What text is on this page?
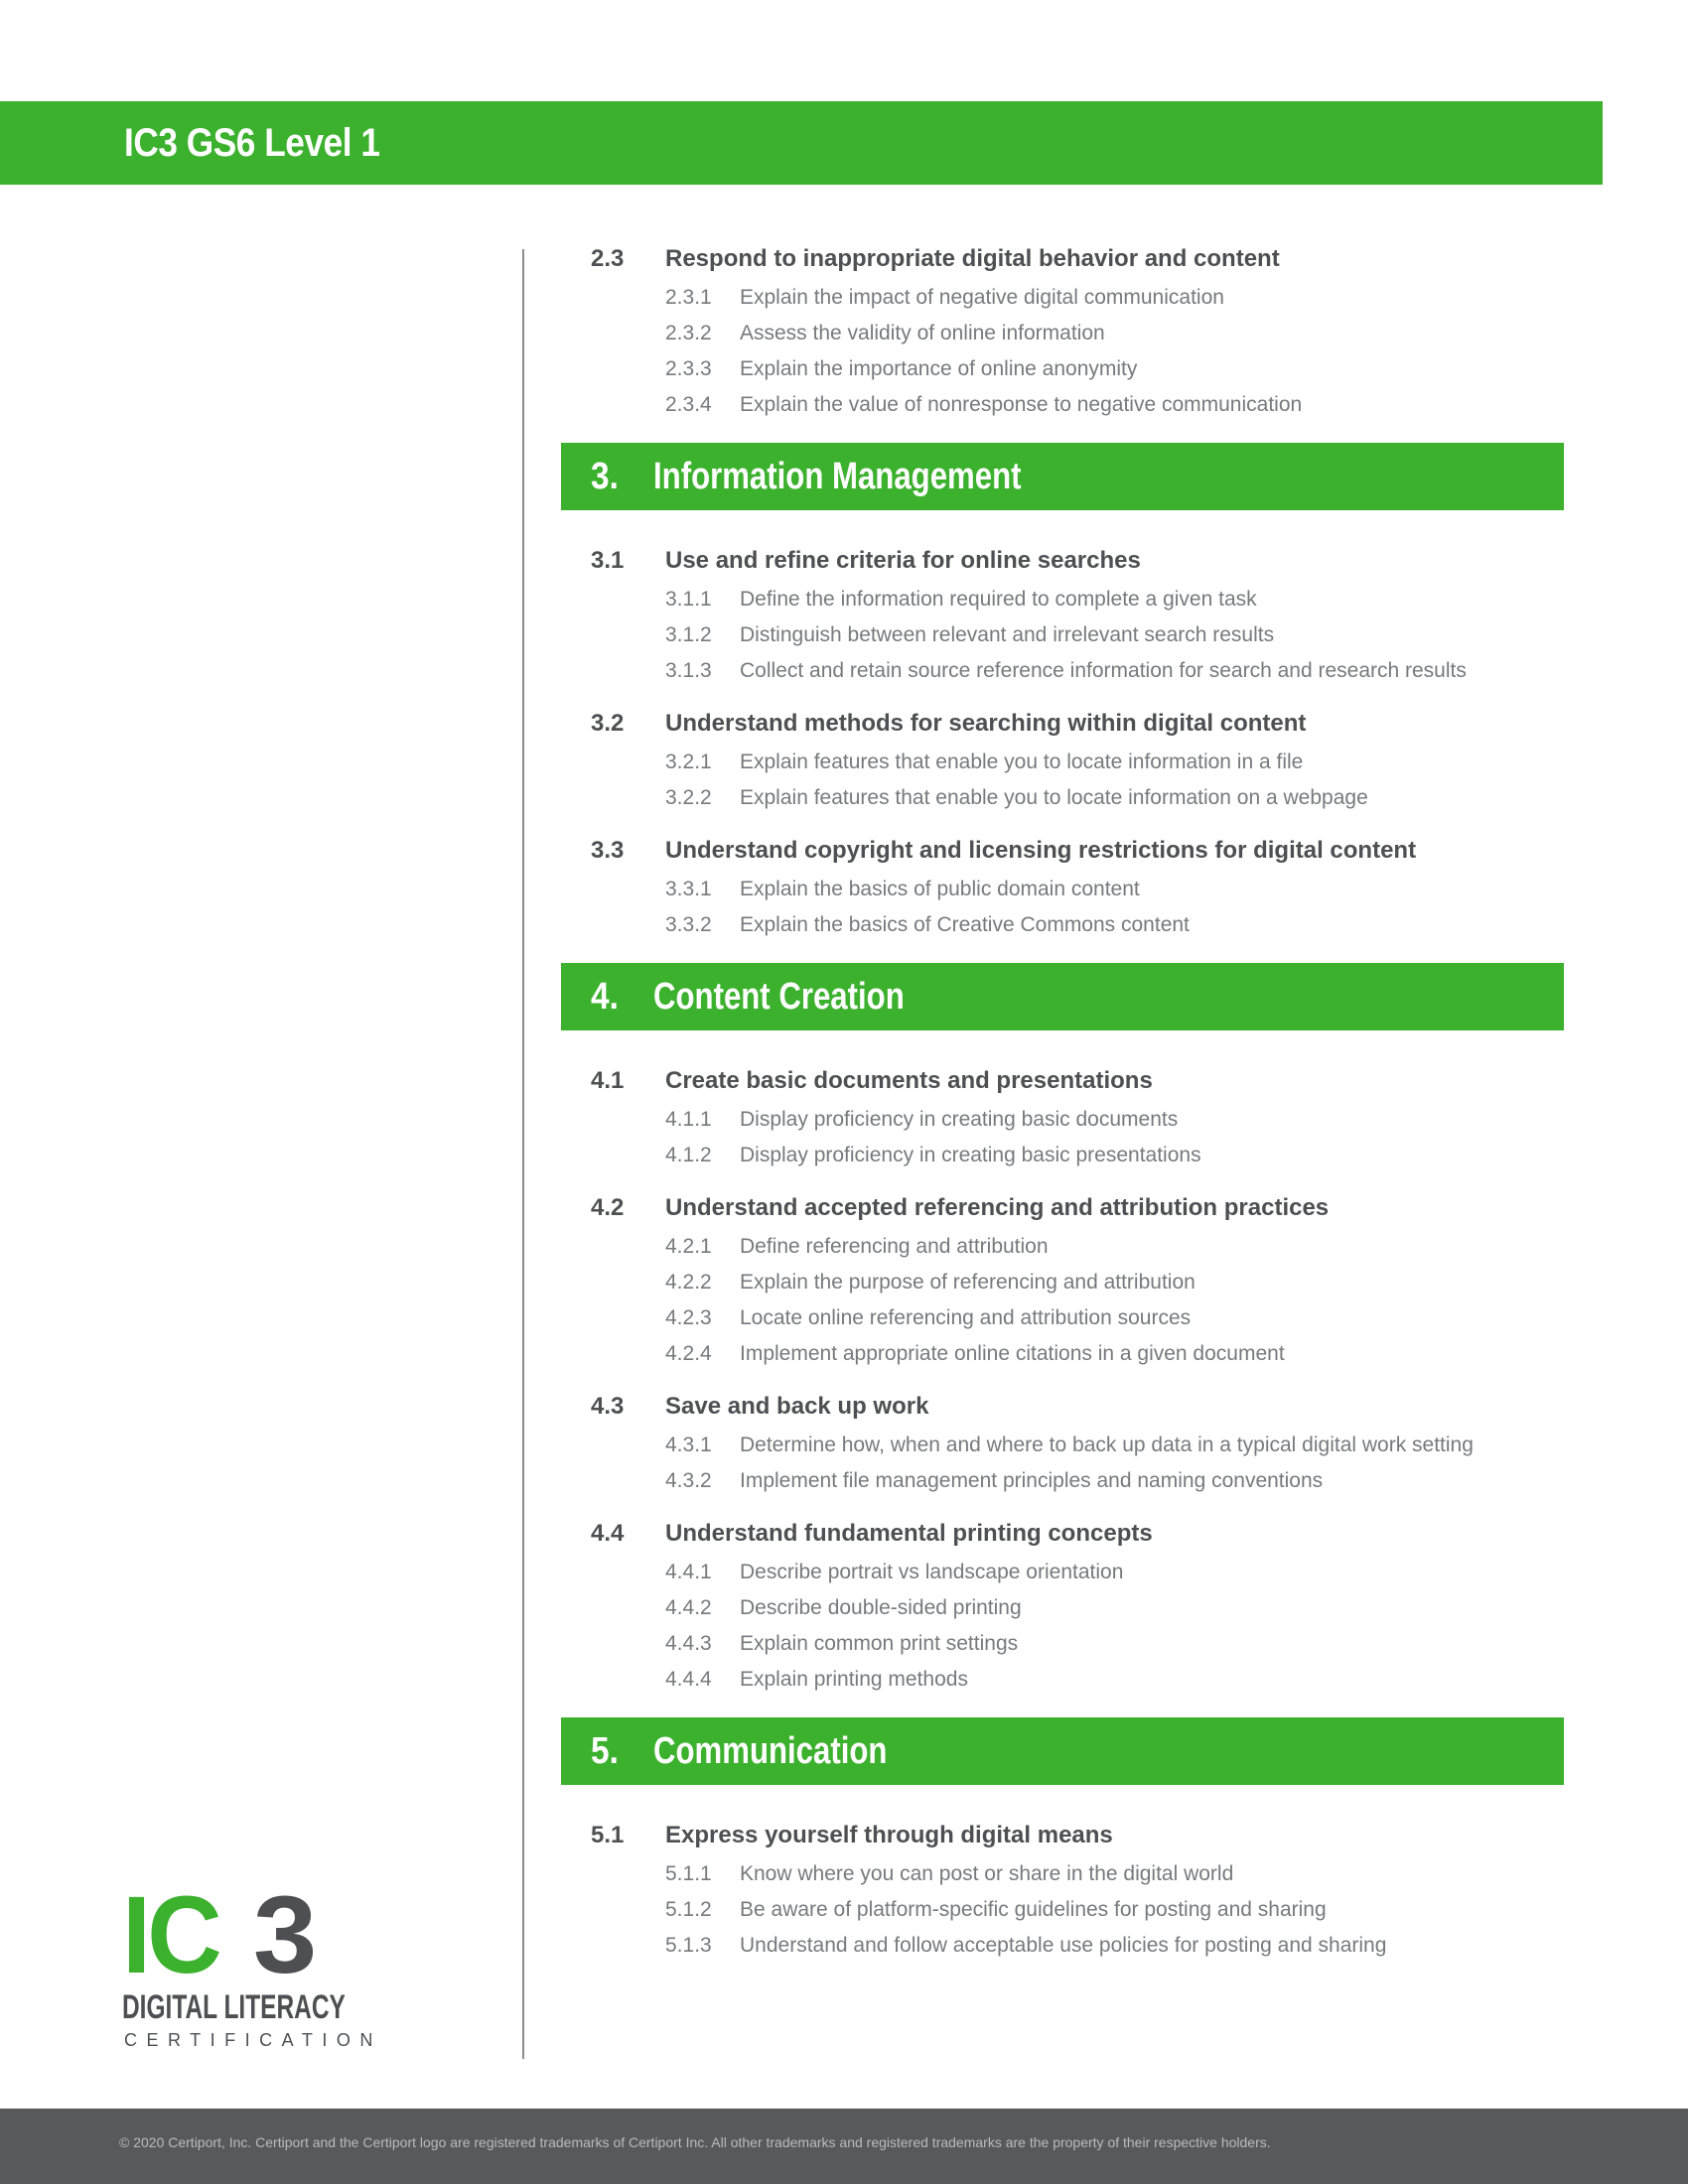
IC3 GS6 Level 1
2.3 Respond to inappropriate digital behavior and content
2.3.1 Explain the impact of negative digital communication
2.3.2 Assess the validity of online information
2.3.3 Explain the importance of online anonymity
2.3.4 Explain the value of nonresponse to negative communication
3. Information Management
3.1 Use and refine criteria for online searches
3.1.1 Define the information required to complete a given task
3.1.2 Distinguish between relevant and irrelevant search results
3.1.3 Collect and retain source reference information for search and research results
3.2 Understand methods for searching within digital content
3.2.1 Explain features that enable you to locate information in a file
3.2.2 Explain features that enable you to locate information on a webpage
3.3 Understand copyright and licensing restrictions for digital content
3.3.1 Explain the basics of public domain content
3.3.2 Explain the basics of Creative Commons content
4. Content Creation
4.1 Create basic documents and presentations
4.1.1 Display proficiency in creating basic documents
4.1.2 Display proficiency in creating basic presentations
4.2 Understand accepted referencing and attribution practices
4.2.1 Define referencing and attribution
4.2.2 Explain the purpose of referencing and attribution
4.2.3 Locate online referencing and attribution sources
4.2.4 Implement appropriate online citations in a given document
4.3 Save and back up work
4.3.1 Determine how, when and where to back up data in a typical digital work setting
4.3.2 Implement file management principles and naming conventions
4.4 Understand fundamental printing concepts
4.4.1 Describe portrait vs landscape orientation
4.4.2 Describe double-sided printing
4.4.3 Explain common print settings
4.4.4 Explain printing methods
5. Communication
5.1 Express yourself through digital means
5.1.1 Know where you can post or share in the digital world
5.1.2 Be aware of platform-specific guidelines for posting and sharing
5.1.3 Understand and follow acceptable use policies for posting and sharing
IC 3
DIGITAL LITERACY
CERTIFICATION
© 2020 Certiport, Inc. Certiport and the Certiport logo are registered trademarks of Certiport Inc. All other trademarks and registered trademarks are the property of their respective holders.
